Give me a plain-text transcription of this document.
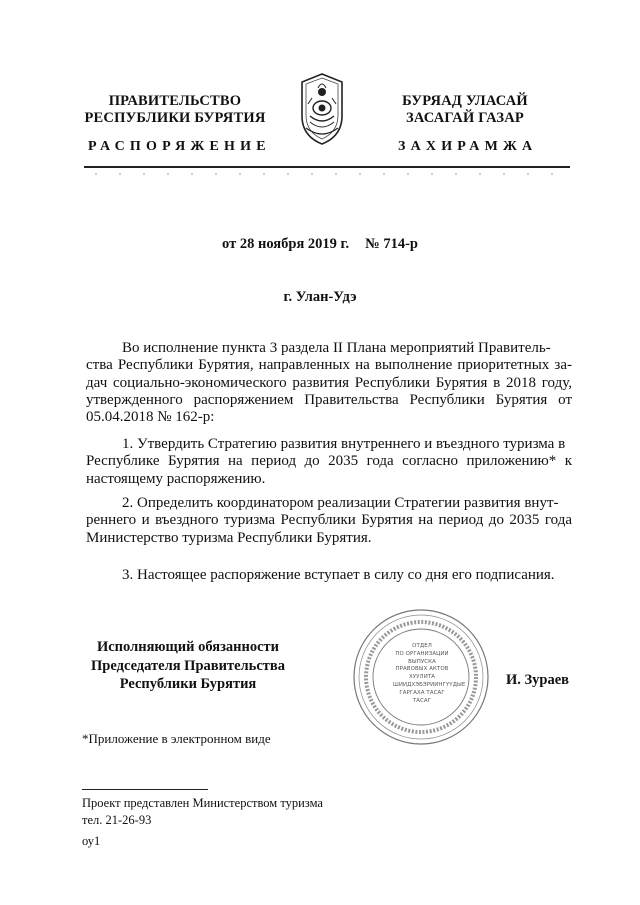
ПРАВИТЕЛЬСТВО
РЕСПУБЛИКИ БУРЯТИЯ
БУРЯАД УЛАСАЙ
ЗАСАГАЙ ГАЗАР
РАСПОРЯЖЕНИЕ	ЗАХИРАМЖА
от 28 ноября 2019 г. № 714-р
г. Улан-Удэ
Во исполнение пункта 3 раздела II Плана мероприятий Правитель-
ства Республики Бурятия, направленных на выполнение приоритетных за- дач социально-экономического развития Республики Бурятия в 2018 году, утвержденного распоряжением Правительства Республики Бурятия от 05.04.2018 № 162-р:
1. Утвердить Стратегию развития внутреннего и въездного туризма в
Республике Бурятия на период до 2035 года согласно приложению* к настоящему распоряжению.
2. Определить координатором реализации Стратегии развития внут-
реннего и въездного туризма Республики Бурятия на период до 2035 года Министерство туризма Республики Бурятия.
3. Настоящее распоряжение вступает в силу со дня его подписания.
Исполняющий обязанности
Председателя Правительства
Республики Бурятия
ОТДЕЛ
ПО ОРГАНИЗАЦИИ
ВЫПУСКА
ПРАВОВЫХ АКТОВ
ХУУЛИТА
ШИИДХЭБЭРИИНГҮҮДЫЕ
ГАРГАХА ТАСАГ
ТАСАГ
И. Зураев
*Приложение в электронном виде
Проект представлен Министерством туризма
тел. 21-26-93
оу1
